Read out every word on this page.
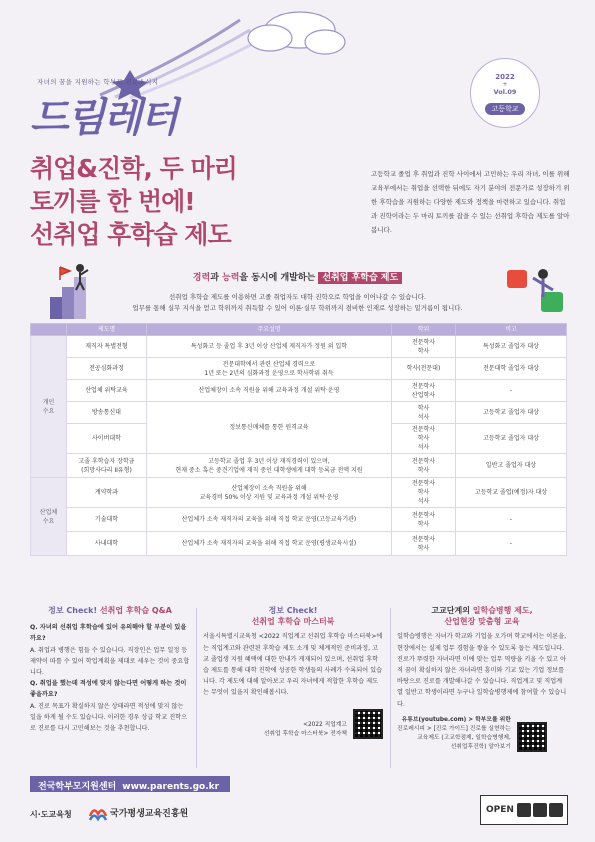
자녀의 꿈을 지원하는 학부모 진로소식지
드림레터
2022
+
Vol.09
고등학교
취업&진학, 두 마리
토끼를 한 번에!
선취업 후학습 제도
고등학교 졸업 후 취업과 진학 사이에서 고민하는 우리 자녀, 이를 위해 교육부에서는 취업을 선택한 뒤에도 자기 분야의 전문가로 성장하기 위한 후학습을 지원하는 다양한 제도와 정책을 마련하고 있습니다. 취업과 진학이라는 두 마리 토끼를 잡을 수 있는 선취업 후학습 제도를 알아봅니다.
경력과 능력을 동시에 개발하는 선취업 후학습 제도
선취업 후학습 제도를 이용하면 고졸 취업자도 대학 진학으로 학업을 이어나갈 수 있습니다.
업무를 통해 실무 지식을 얻고 학위까지 취득할 수 있어 이론·실무 학위까지 겸비한 인재로 성장하는 밑거름이 됩니다.
	제도명	주요설명	학위	비고
개인
수요	재직자 특별전형	특성화고 등 졸업 후 3년 이상 산업체 재직자가 정원 외 입학	전문학사
학사	특성화고 졸업자 대상
	전공심화과정	전문대학에서 관련 산업체 경력으로
1년 또는 2년의 심화과정 운영으로 학사학위 취득	학사(전문대)	전문대학 졸업자 대상
	산업체 위탁교육	산업체장이 소속 직원을 위해 교육과정 개설 위탁·운영	전문학사
산업학사	-
	방송통신대	정보통신매체를 통한 원격교육	학사
석사	고등학교 졸업자 대상
	사이버대학		전문학사
학사
석사	고등학교 졸업자 대상
	고졸 후학습자 장학금
(희망사다리 II유형)	고등학교 졸업 후 3년 이상 재직경력이 있으며,
현재 중소 혹은 중견기업에 재직 중인 대학생에게 대학 등록금 전액 지원	전문학사
학사	일반고 졸업자 대상
산업체
수요	계약학과	산업체장이 소속 직원을 위해
교육경비 50% 이상 지원 및 교육과정 개설 위탁·운영	전문학사
학사
석사	고등학교 졸업(예정)자 대상
	기술대학	산업체가 소속 재직자의 교육을 위해 직접 학교 운영(고등교육기관)	전문학사
학사	-
	사내대학	산업체가 소속 재직자의 교육을 위해 직접 학교 운영(평생교육시설)	전문학사
학사	-
정보 Check! 선취업 후학습 Q&A
Q. 자녀의 선취업 후학습에 있어 유의해야 할 부분이 있을까요?
A. 취업과 병행은 힘들 수 있습니다. 직장인은 업무 일정 등 제약이 따를 수 있어 학업계획을 제대로 세우는 것이 중요합니다.
Q. 취업을 했는데 적성에 맞지 않는다면 어떻게 하는 것이 좋을까요?
A. 진로 목표가 확실하지 않은 상태라면 적성에 맞지 않는 일을 하게 될 수도 있습니다. 이러한 경우 상급 학교 진학으로 진로를 다시 고민해보는 것을 추천합니다.
정보 Check!
선취업 후학습 마스터북
서울시특별시교육청 <2022 직업계고 선취업 후학습 마스터북>에는 직업계고와 관련된 후학습 제도 소개 및 체계적인 준비과정, 고교 졸업생 지원 혜택에 대한 안내가 게재되어 있으며, 선취업 후학습 제도를 통해 대학 진학에 성공한 학생들의 사례가 수록되어 있습니다. 각 제도에 대해 알아보고 우리 자녀에게 적합한 후학습 제도는 무엇이 있을지 확인해봅시다.
<2022 직업계고
선취업 후학습 마스터북> 전자책
고교단계의 일학습병행 제도,
산업현장 맞춤형 교육
일학습병행은 자녀가 학교와 기업을 오가며 학교에서는 이론을, 현장에서는 실제 업무 경험을 쌓을 수 있도록 돕는 제도입니다. 진로가 뚜렷한 자녀라면 이에 맞는 업무 역량을 키울 수 있고 아직 꿈이 확실하지 않은 자녀라면 흥미와 기교 있는 기업 정보를 바탕으로 진로를 개발해나갈 수 있습니다. 직업계고 및 직업계열 일반고 학생이라면 누구나 일학습병행제에 참여할 수 있습니다.
유튜브(youtube.com) > 학부모를 위한
진로레시피 > [진로 가이드] 진로를 실현하는
교육제도 (고교학점제, 일학습병행제,
선취업후진학) 알아보기
전국학부모지원센터 www.parents.go.kr
시·도교육청	국가평생교육진흥원	OPEN
